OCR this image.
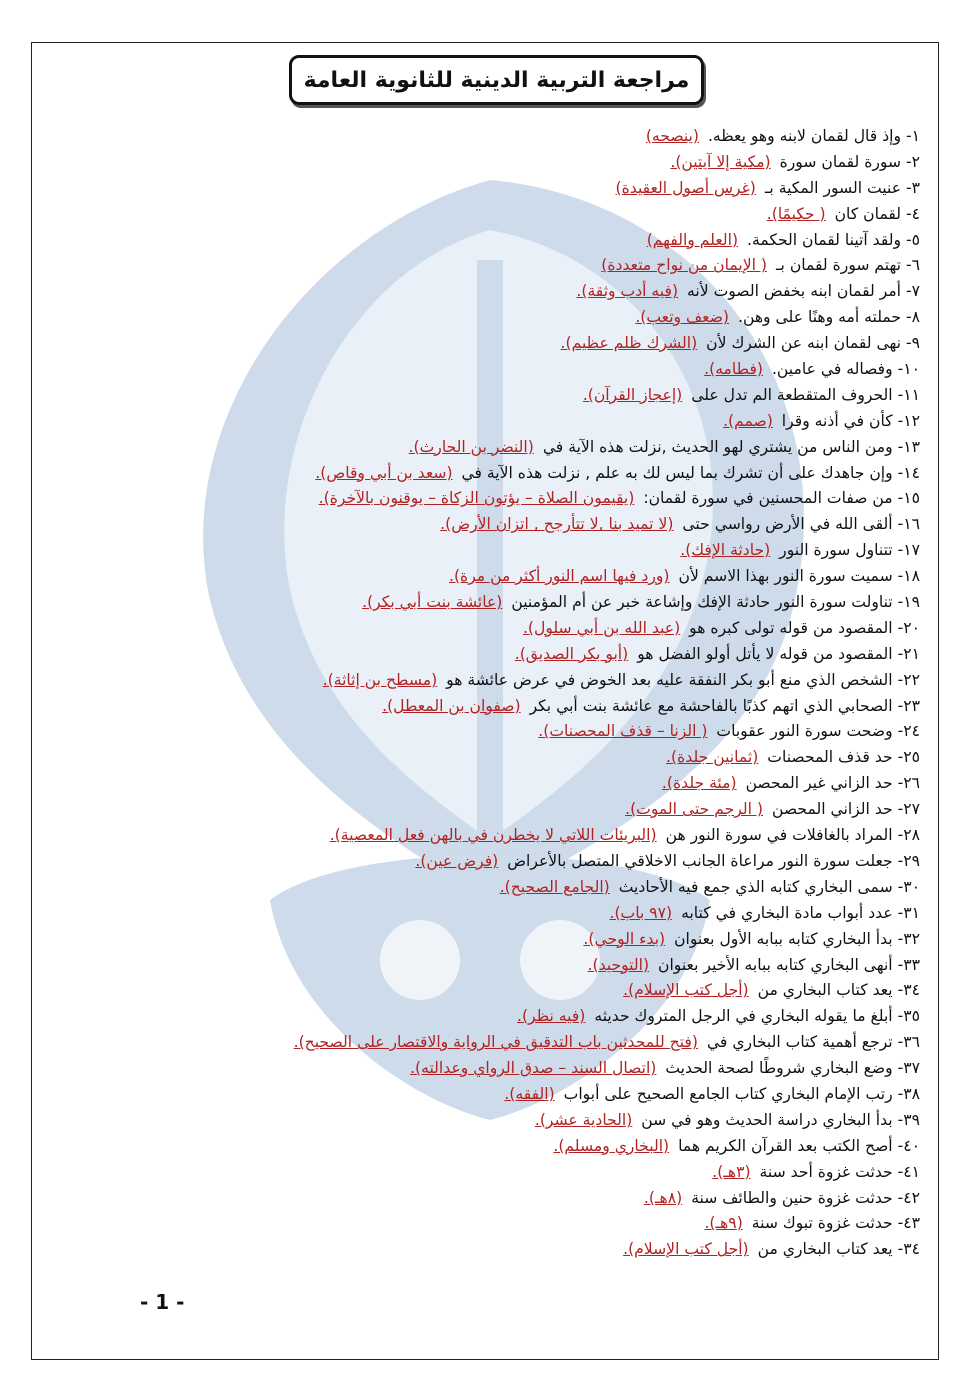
مراجعة التربية الدينية للثانوية العامة
١- وإذ قال لقمان لابنه وهو يعظه. (ينصحه)
٢- سورة لقمان سورة (مكية إلا آيتين).
٣- عنيت السور المكية بـ (غرس أصول العقيدة)
٤- لقمان كان ( حكيمًا).
٥- ولقد آتينا لقمان الحكمة. (العلم والفهم)
٦- تهتم سورة لقمان بـ ( الإيمان من نواح متعددة)
٧- أمر لقمان ابنه بخفض الصوت لأنه (فيه أدب وثقة).
٨- حملته أمه وهنًا على وهن. (ضعف وتعب).
٩- نهى لقمان ابنه عن الشرك لأن (الشرك ظلم عظيم).
١٠- وفصاله في عامين. (فطامه).
١١- الحروف المتقطعة الم تدل على (إعجاز القرآن).
١٢- كأن في أذنه وقرا (صمم).
١٣- ومن الناس من يشتري لهو الحديث ,نزلت هذه الآية في (النضر بن الحارث).
١٤- وإن جاهدك على أن تشرك بما ليس لك به علم , نزلت هذه الآية في (سعد بن أبي وقاص).
١٥- من صفات المحسنين في سورة لقمان: (يقيمون الصلاة – يؤتون الزكاة – يوقنون بالآخرة).
١٦- ألقى الله في الأرض رواسي حتى (لا تميد بنا ,لا تتأرجح , اتزان الأرض).
١٧- تتناول سورة النور (حادثة الإفك).
١٨- سميت سورة النور بهذا الاسم لأن (ورد فيها اسم النور أكثر من مرة).
١٩- تناولت سورة النور حادثة الإفك وإشاعة خبر عن أم المؤمنين (عائشة بنت أبي بكر).
٢٠- المقصود من قوله تولى كبره هو (عبد الله بن أبي سلول).
٢١- المقصود من قوله لا يأتل أولو الفضل هو (أبو بكر الصديق).
٢٢- الشخص الذي منع أبو بكر النفقة عليه بعد الخوض في عرض عائشة هو (مسطح بن إثاثة).
٢٣- الصحابي الذي اتهم كذبًا بالفاحشة مع عائشة بنت أبي بكر (صفوان بن المعطل).
٢٤- وضحت سورة النور عقوبات ( الزنا – قذف المحصنات).
٢٥- حد قذف المحصنات (ثمانين جلدة).
٢٦- حد الزاني غير المحصن (مئة جلدة).
٢٧- حد الزاني المحصن ( الرجم حتى الموت).
٢٨- المراد بالغافلات في سورة النور هن (البريئات اللاتي لا يخطرن في بالهن فعل المعصية).
٢٩- جعلت سورة النور مراعاة الجانب الاخلاقي المتصل بالأعراض (فرض عين).
٣٠- سمى البخاري كتابه الذي جمع فيه الأحاديث (الجامع الصحيح).
٣١- عدد أبواب مادة البخاري في كتابه (٩٧ باب).
٣٢- بدأ البخاري كتابه ببابه الأول بعنوان (بدء الوحي).
٣٣- أنهى البخاري كتابه ببابه الأخير بعنوان (التوحيد).
٣٤- يعد كتاب البخاري من (أجل كتب الإسلام).
٣٥- أبلغ ما يقوله البخاري في الرجل المتروك حديثه (فيه نظر).
٣٦- ترجع أهمية كتاب البخاري في (فتح للمحدثين باب التدقيق في الرواية والاقتصار على الصحيح).
٣٧- وضع البخاري شروطًا لصحة الحديث (اتصال السند – صدق الرواي وعدالته).
٣٨- رتب الإمام البخاري كتاب الجامع الصحيح على أبواب (الفقه).
٣٩- بدأ البخاري دراسة الحديث وهو في سن (الحادية عشر).
٤٠- أصح الكتب بعد القرآن الكريم هما (البخاري ومسلم).
٤١- حدثت غزوة أحد سنة (٣هـ).
٤٢- حدثت غزوة حنين والطائف سنة (٨هـ).
٤٣- حدثت غزوة تبوك سنة (٩هـ).
٣٤- يعد كتاب البخاري من (أجل كتب الإسلام).
- 1 -
